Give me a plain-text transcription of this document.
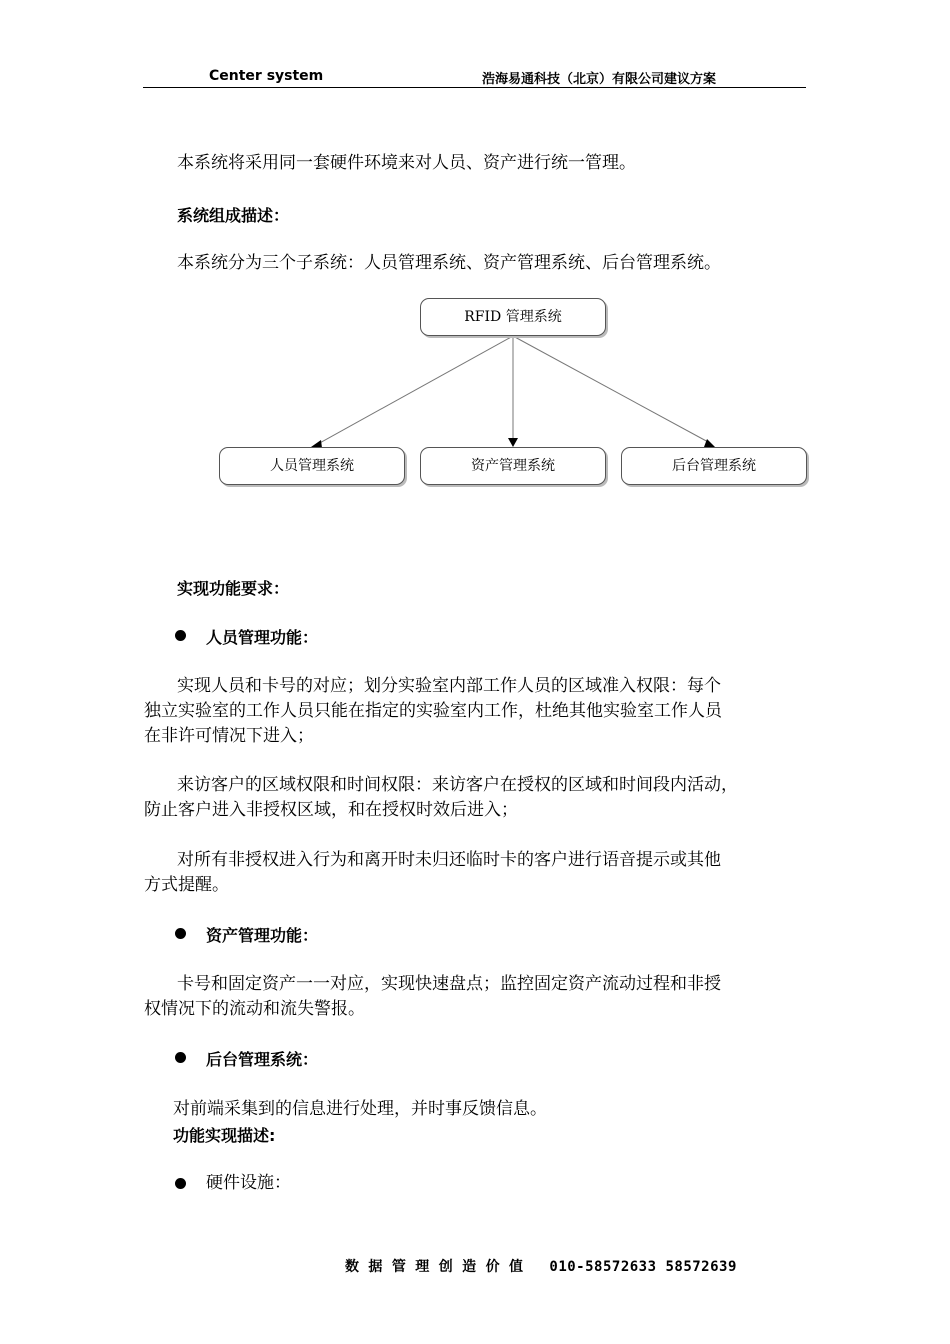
Center system	浩海易通科技（北京）有限公司建议方案
本系统将采用同一套硬件环境来对人员、资产进行统一管理。
系统组成描述：
本系统分为三个子系统：人员管理系统、资产管理系统、后台管理系统。
RFID 管理系统
人员管理系统	资产管理系统	后台管理系统
实现功能要求：
人员管理功能：
实现人员和卡号的对应；划分实验室内部工作人员的区域准入权限：每个
独立实验室的工作人员只能在指定的实验室内工作，杜绝其他实验室工作人员
在非许可情况下进入；
来访客户的区域权限和时间权限：来访客户在授权的区域和时间段内活动，
防止客户进入非授权区域，和在授权时效后进入；
对所有非授权进入行为和离开时未归还临时卡的客户进行语音提示或其他
方式提醒。
资产管理功能：
卡号和固定资产一一对应，实现快速盘点；监控固定资产流动过程和非授
权情况下的流动和流失警报。
后台管理系统：
对前端采集到的信息进行处理，并时事反馈信息。
功能实现描述:
硬件设施：
数 据 管 理 创 造 价 值 010-58572633 58572639
